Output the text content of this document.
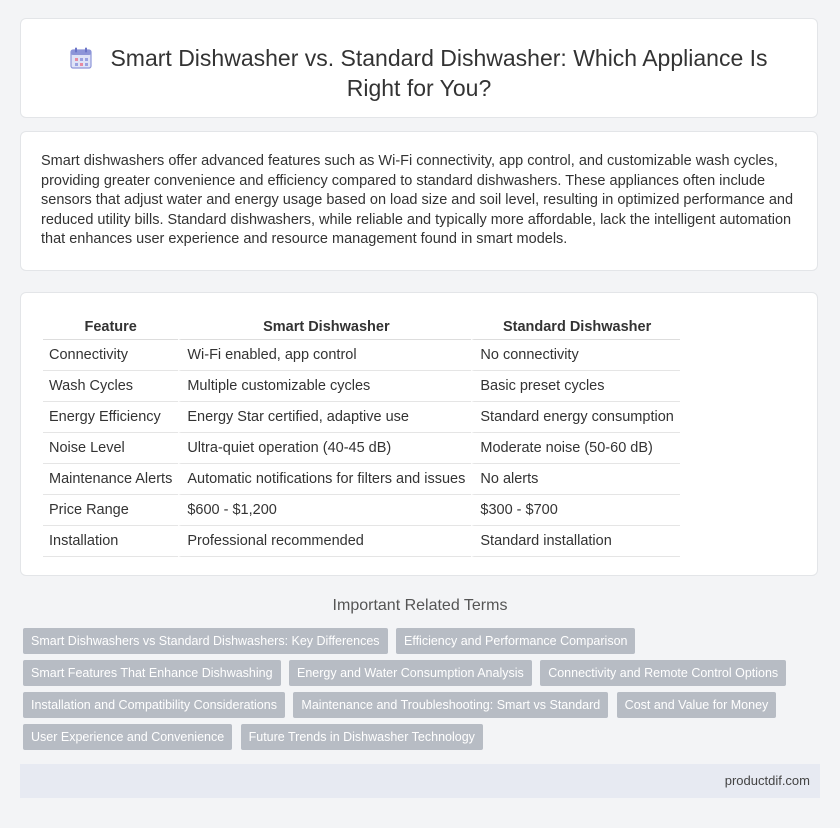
Smart Dishwasher vs. Standard Dishwasher: Which Appliance Is Right for You?

Smart dishwashers offer advanced features such as Wi-Fi connectivity, app control, and customizable wash cycles, providing greater convenience and efficiency compared to standard dishwashers. These appliances often include sensors that adjust water and energy usage based on load size and soil level, resulting in optimized performance and reduced utility bills. Standard dishwashers, while reliable and typically more affordable, lack the intelligent automation that enhances user experience and resource management found in smart models.

Feature	Smart Dishwasher	Standard Dishwasher
Connectivity	Wi-Fi enabled, app control	No connectivity
Wash Cycles	Multiple customizable cycles	Basic preset cycles
Energy Efficiency	Energy Star certified, adaptive use	Standard energy consumption
Noise Level	Ultra-quiet operation (40-45 dB)	Moderate noise (50-60 dB)
Maintenance Alerts	Automatic notifications for filters and issues	No alerts
Price Range	$600 - $1,200	$300 - $700
Installation	Professional recommended	Standard installation
Important Related Terms
Smart Dishwashers vs Standard Dishwashers: Key Differences Efficiency and Performance Comparison Smart Features That Enhance Dishwashing Energy and Water Consumption Analysis Connectivity and Remote Control Options Installation and Compatibility Considerations Maintenance and Troubleshooting: Smart vs Standard Cost and Value for Money User Experience and Convenience Future Trends in Dishwasher Technology
productdif.com
